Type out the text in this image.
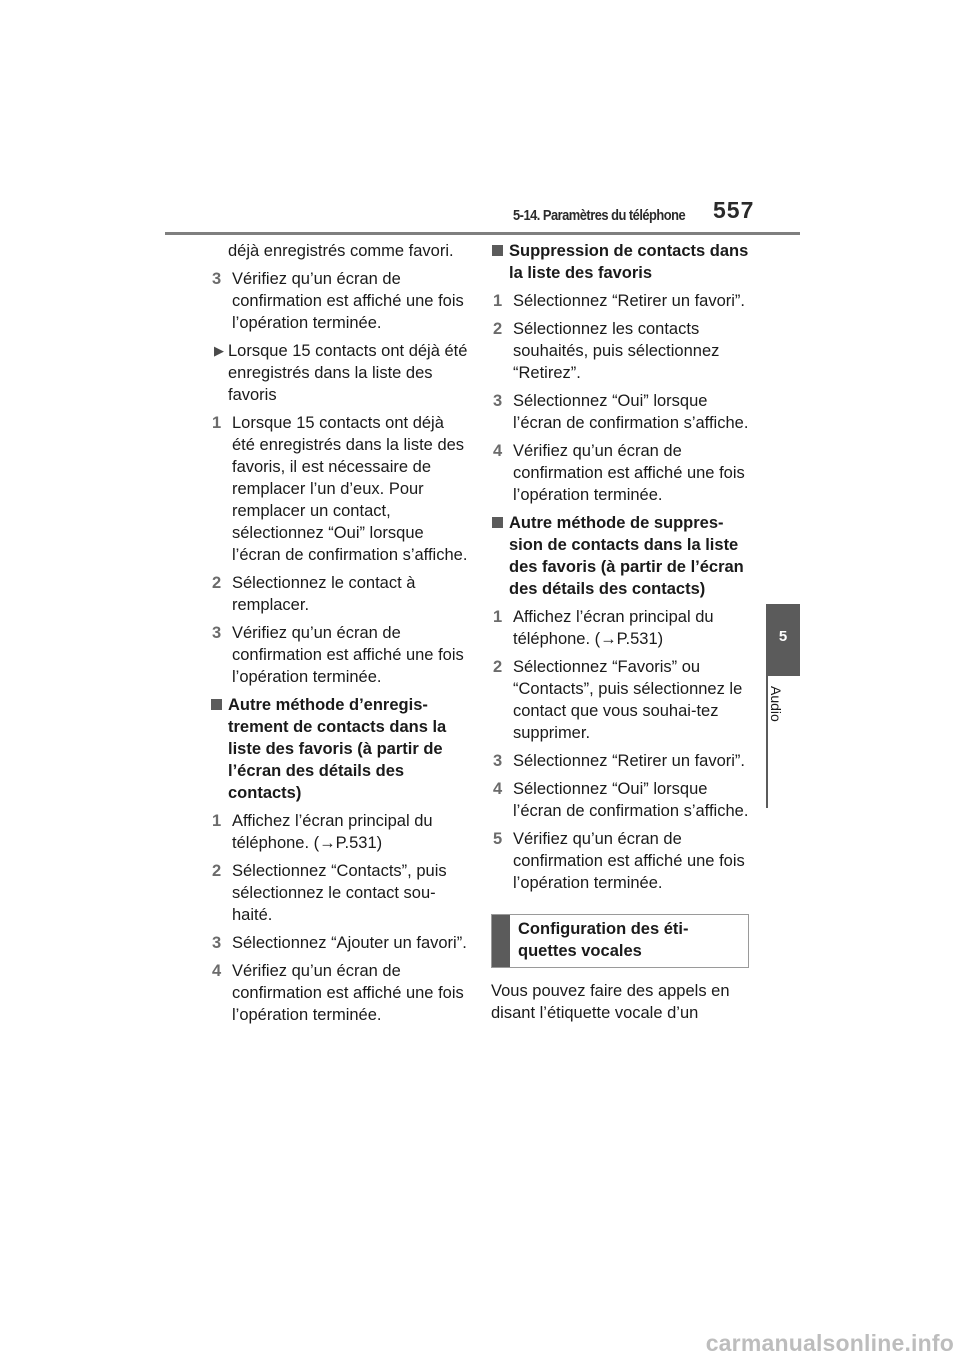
5-14. Paramètres du téléphone 557
5
Audio

déjà enregistrés comme favori.

3 Vérifiez qu’un écran de confirmation est affiché une fois l’opération terminée.
▶ Lorsque 15 contacts ont déjà été enregistrés dans la liste des favoris
1 Lorsque 15 contacts ont déjà été enregistrés dans la liste des favoris, il est nécessaire de remplacer l’un d’eux. Pour remplacer un contact, sélectionnez “Oui” lorsque l’écran de confirmation s’affiche.
2 Sélectionnez le contact à remplacer.
3 Vérifiez qu’un écran de confirmation est affiché une fois l’opération terminée.
Autre méthode d’enregis-trement de contacts dans la liste des favoris (à partir de l’écran des détails des contacts)
1 Affichez l’écran principal du téléphone. (→P.531)
2 Sélectionnez “Contacts”, puis sélectionnez le contact sou-haité.
3 Sélectionnez “Ajouter un favori”.
4 Vérifiez qu’un écran de confirmation est affiché une fois l’opération terminée.
Suppression de contacts dans la liste des favoris
1 Sélectionnez “Retirer un favori”.
2 Sélectionnez les contacts souhaités, puis sélectionnez “Retirez”.
3 Sélectionnez “Oui” lorsque l’écran de confirmation s’affiche.
4 Vérifiez qu’un écran de confirmation est affiché une fois l’opération terminée.
Autre méthode de suppres-sion de contacts dans la liste des favoris (à partir de l’écran des détails des contacts)
1 Affichez l’écran principal du téléphone. (→P.531)
2 Sélectionnez “Favoris” ou “Contacts”, puis sélectionnez le contact que vous souhai-tez supprimer.
3 Sélectionnez “Retirer un favori”.
4 Sélectionnez “Oui” lorsque l’écran de confirmation s’affiche.
5 Vérifiez qu’un écran de confirmation est affiché une fois l’opération terminée.
Configuration des éti-quettes vocales

Vous pouvez faire des appels en disant l’étiquette vocale d’un

carmanualsonline.info
